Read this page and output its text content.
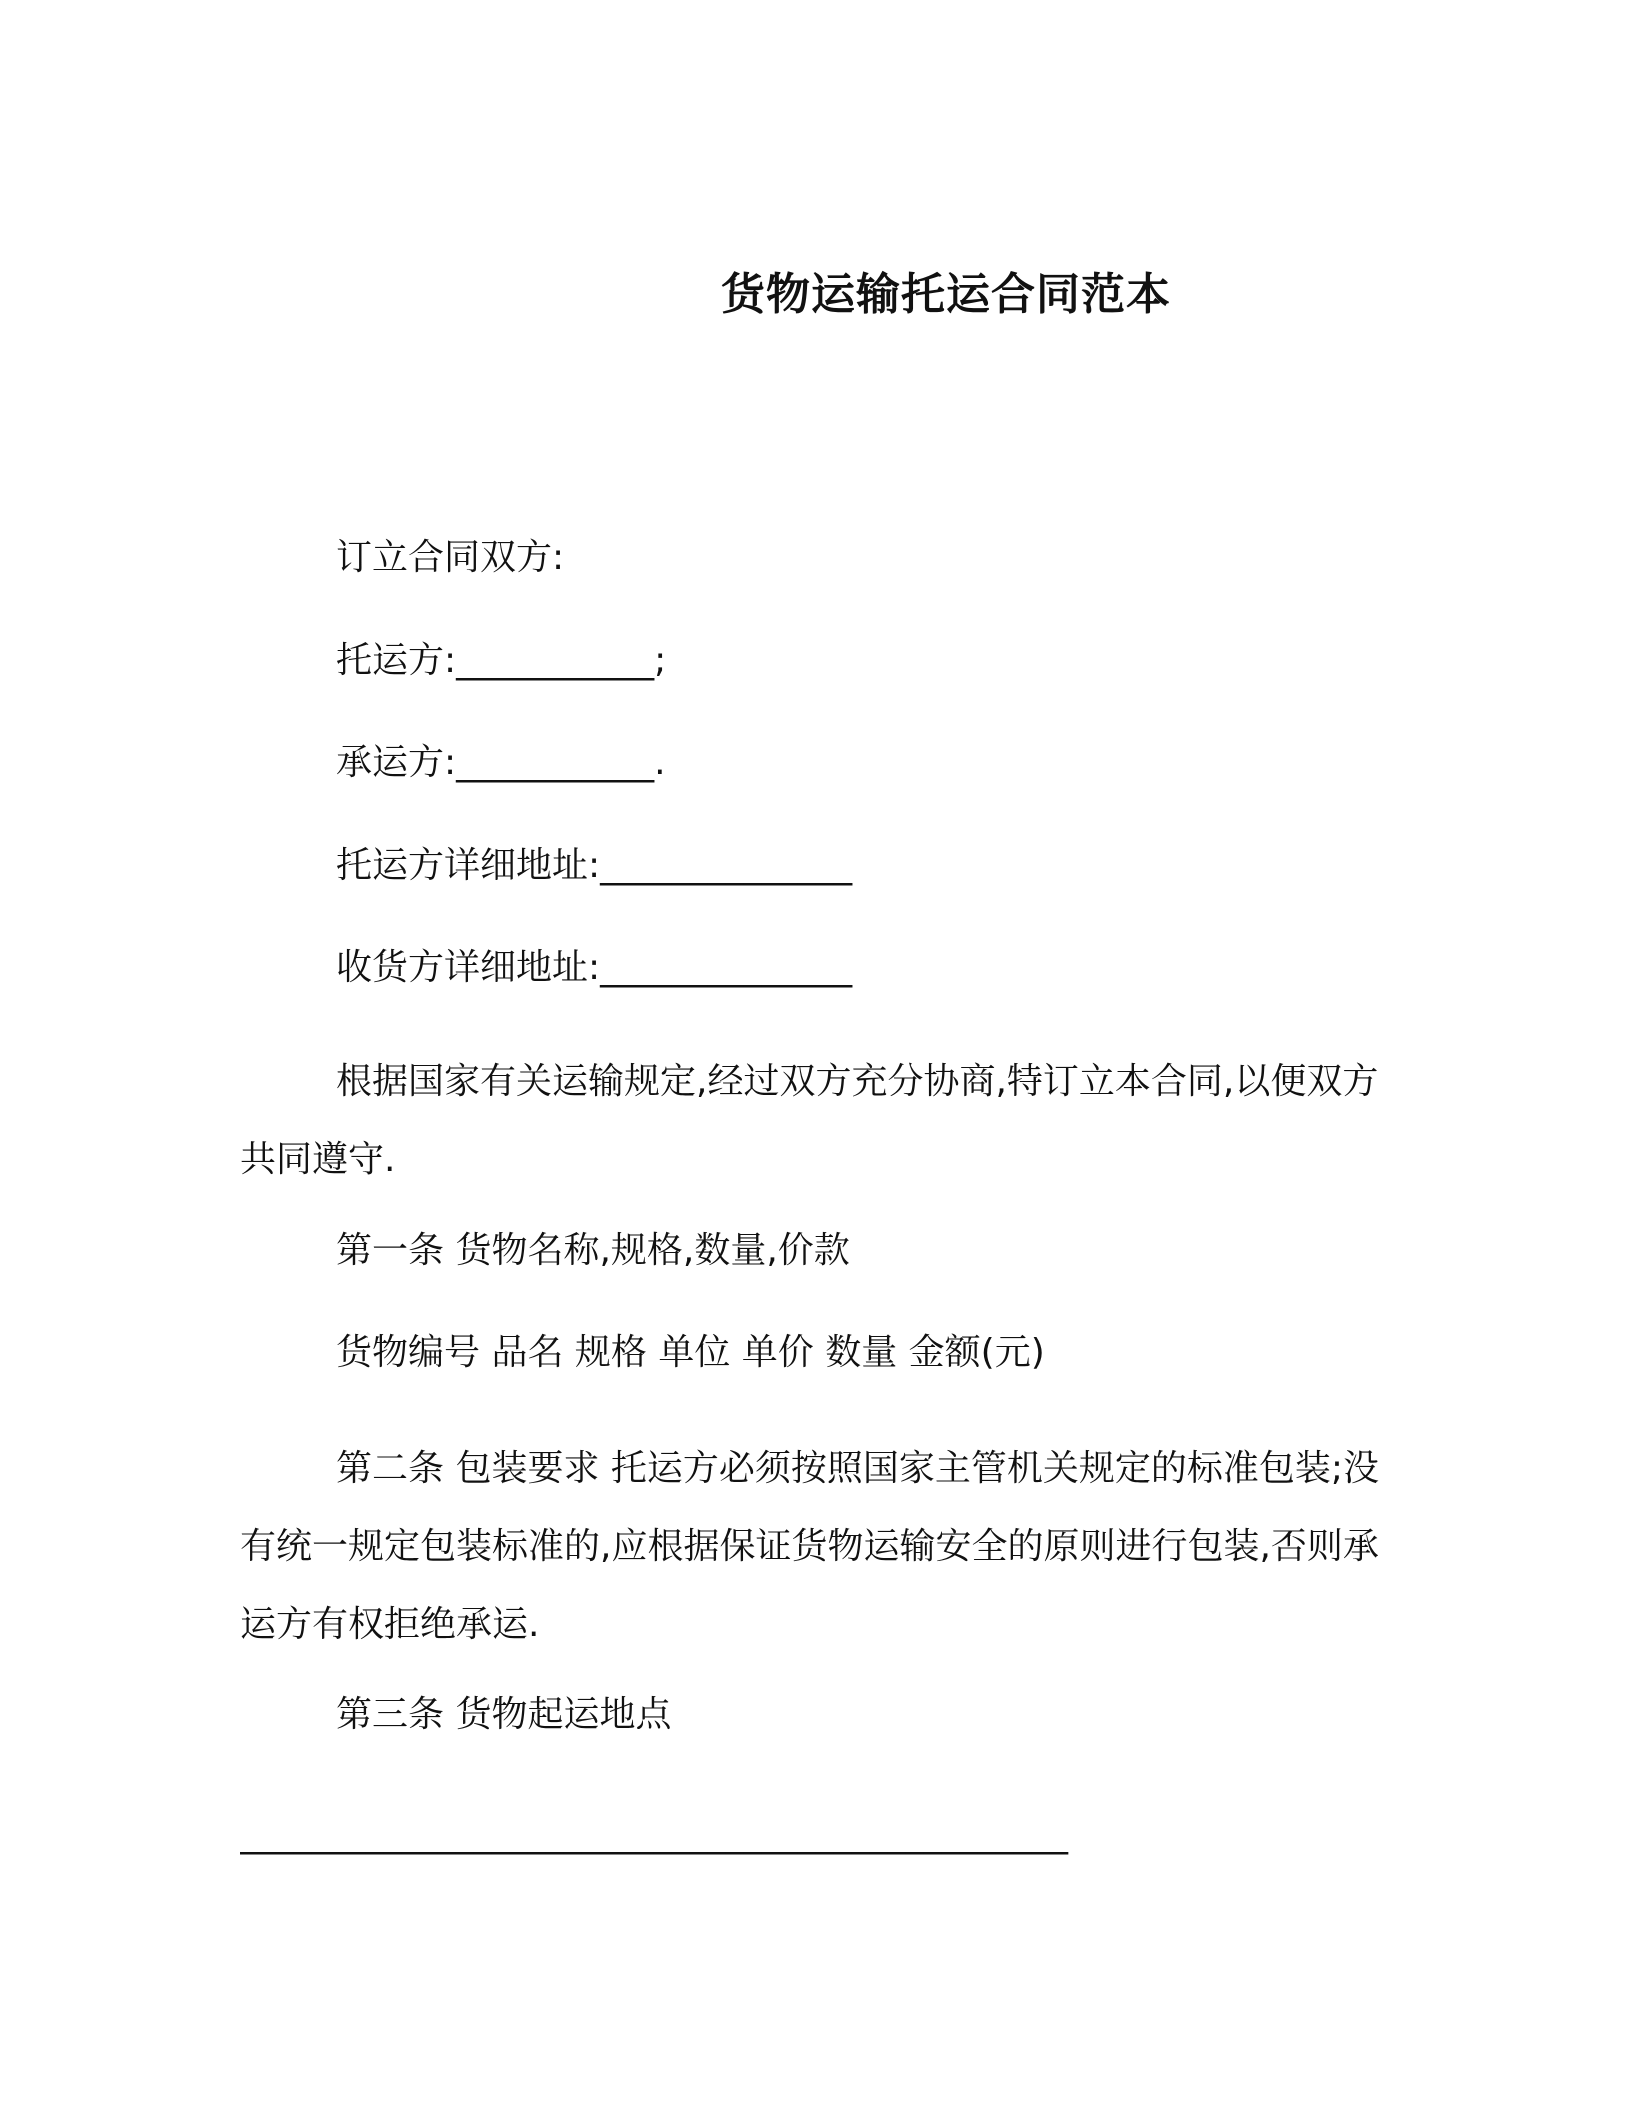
货物运输托运合同范本
订立合同双方:
托运方:___________;
承运方:___________.
托运方详细地址:______________
收货方详细地址:______________
根据国家有关运输规定,经过双方充分协商,特订立本合同,以便双方共同遵守.
第一条 货物名称,规格,数量,价款
货物编号 品名 规格 单位 单价 数量 金额(元)
第二条 包装要求 托运方必须按照国家主管机关规定的标准包装;没有统一规定包装标准的,应根据保证货物运输安全的原则进行包装,否则承运方有权拒绝承运.
第三条 货物起运地点
______________________________________________
